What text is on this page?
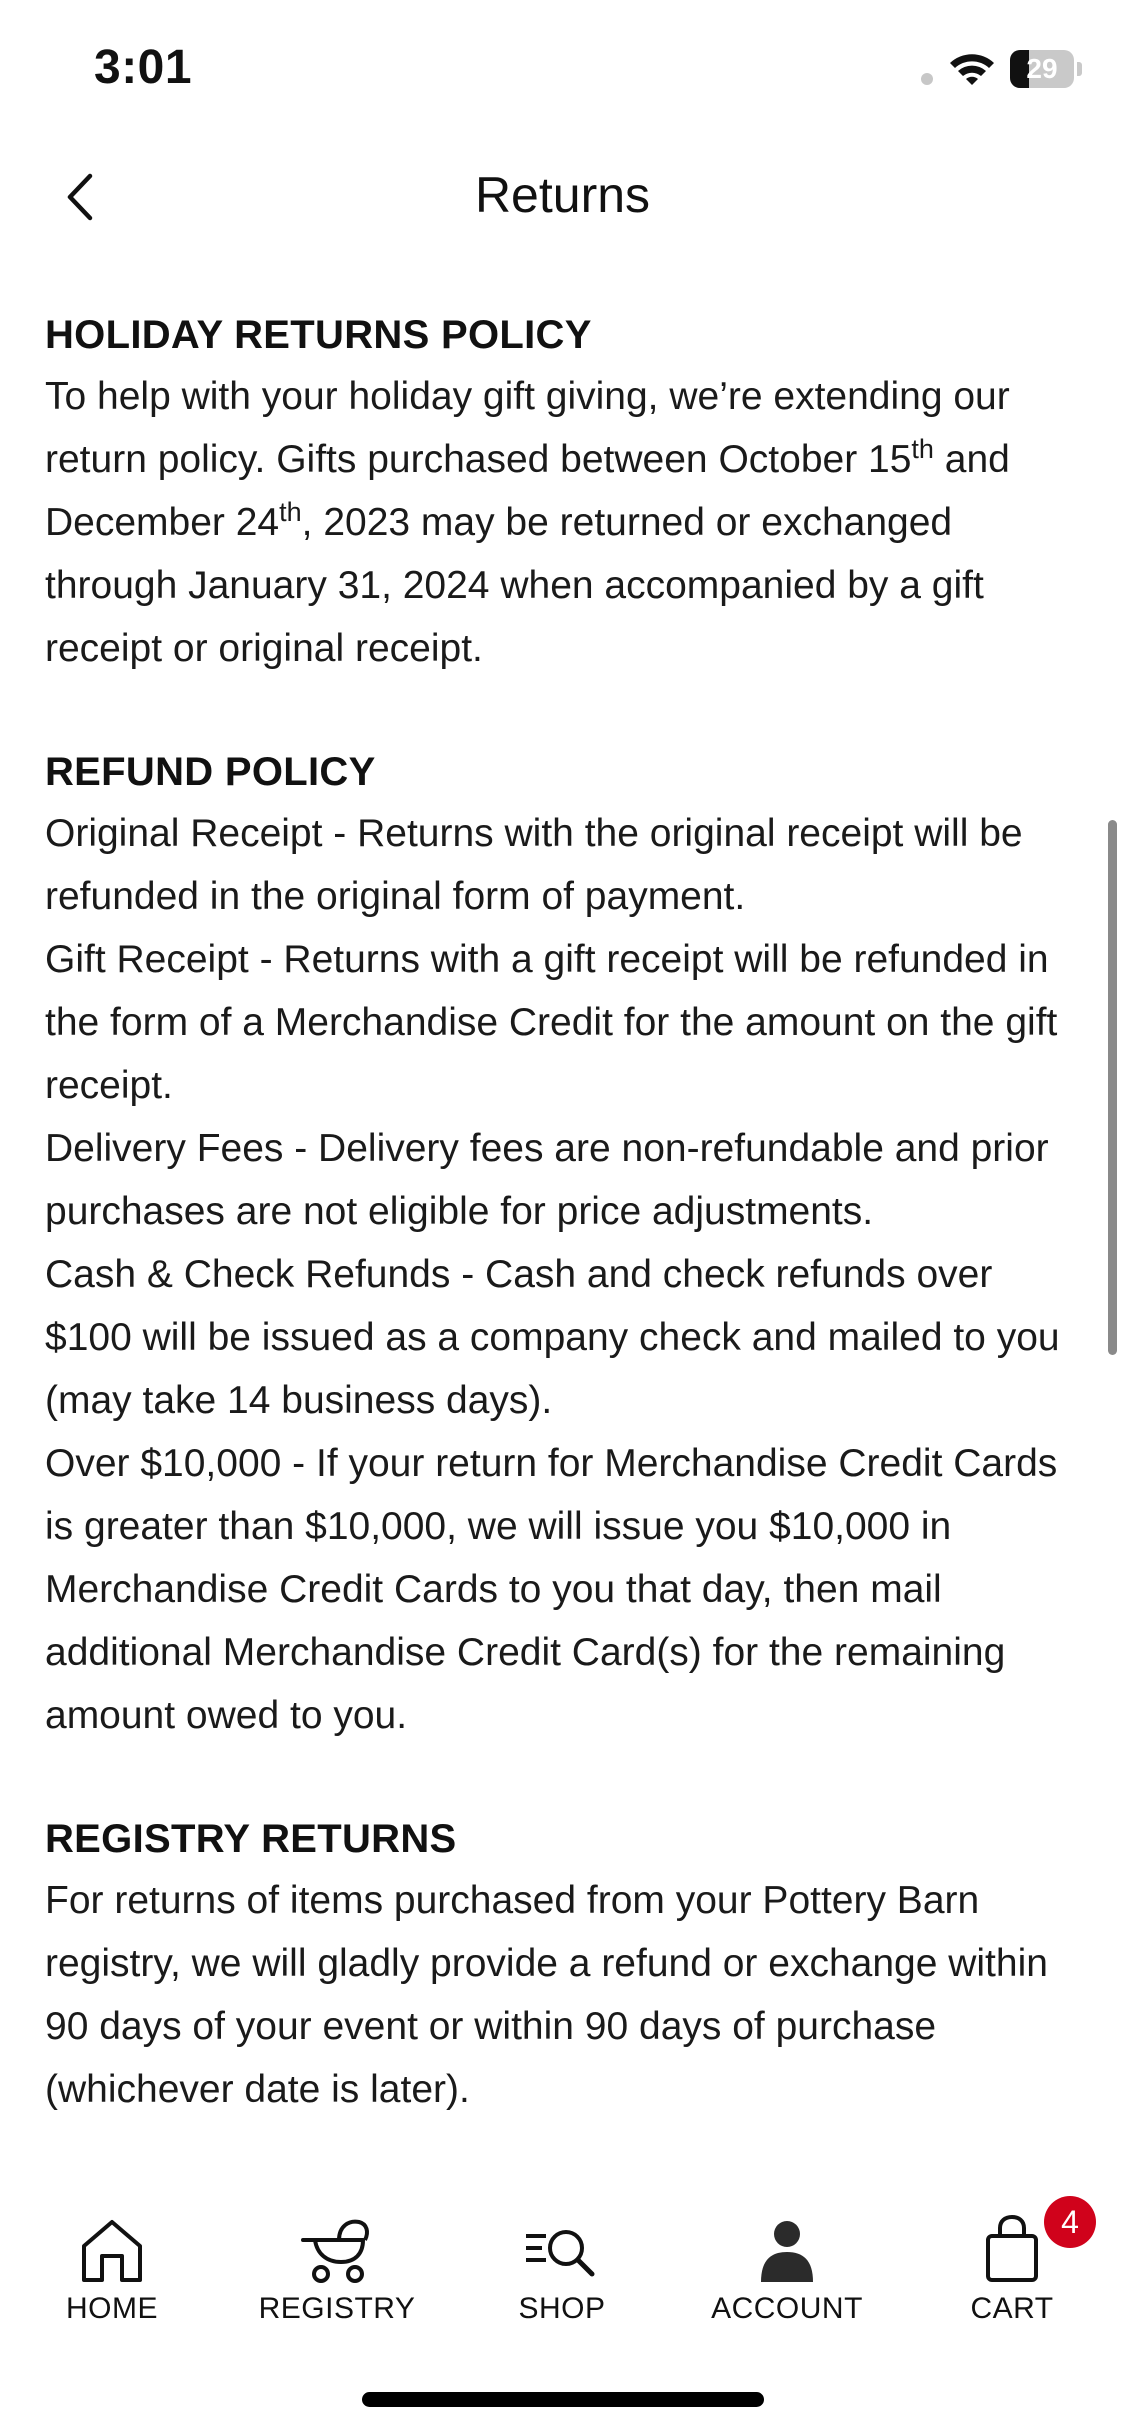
3:01	29
Returns
HOLIDAY RETURNS POLICY
To help with your holiday gift giving, we’re extending our return policy. Gifts purchased between October 15th and December 24th, 2023 may be returned or exchanged through January 31, 2024 when accompanied by a gift receipt or original receipt.
REFUND POLICY
Original Receipt - Returns with the original receipt will be refunded in the original form of payment.
Gift Receipt - Returns with a gift receipt will be refunded in the form of a Merchandise Credit for the amount on the gift receipt.
Delivery Fees - Delivery fees are non-refundable and prior purchases are not eligible for price adjustments.
Cash & Check Refunds - Cash and check refunds over $100 will be issued as a company check and mailed to you (may take 14 business days).
Over $10,000 - If your return for Merchandise Credit Cards is greater than $10,000, we will issue you $10,000 in Merchandise Credit Cards to you that day, then mail additional Merchandise Credit Card(s) for the remaining amount owed to you.
REGISTRY RETURNS
For returns of items purchased from your Pottery Barn registry, we will gladly provide a refund or exchange within 90 days of your event or within 90 days of purchase (whichever date is later).
HOME	REGISTRY	SHOP	ACCOUNT
4
CART
